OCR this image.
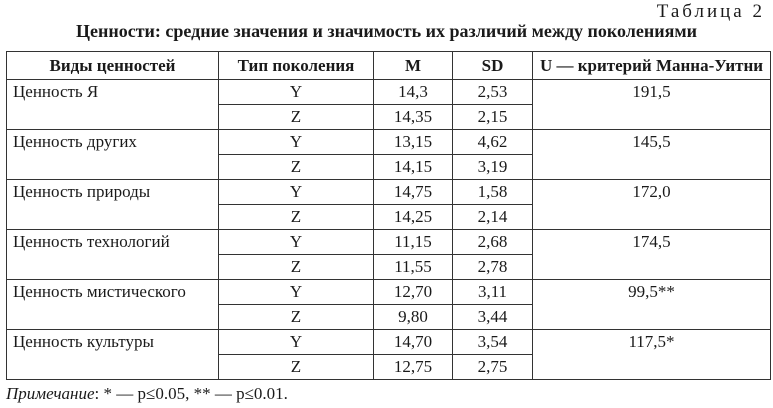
Таблица 2
Ценности: средние значения и значимость их различий между поколениями
Виды ценностей	Тип поколения	M	SD	U — критерий Манна-Уитни
Ценность Я	Y	14,3	2,53	191,5
	Z	14,35	2,15	
Ценность других	Y	13,15	4,62	145,5
	Z	14,15	3,19	
Ценность природы	Y	14,75	1,58	172,0
	Z	14,25	2,14	
Ценность технологий	Y	11,15	2,68	174,5
	Z	11,55	2,78	
Ценность мистического	Y	12,70	3,11	99,5**
	Z	9,80	3,44	
Ценность культуры	Y	14,70	3,54	117,5*
	Z	12,75	2,75	
Примечание: * — p≤0.05, ** — p≤0.01.
